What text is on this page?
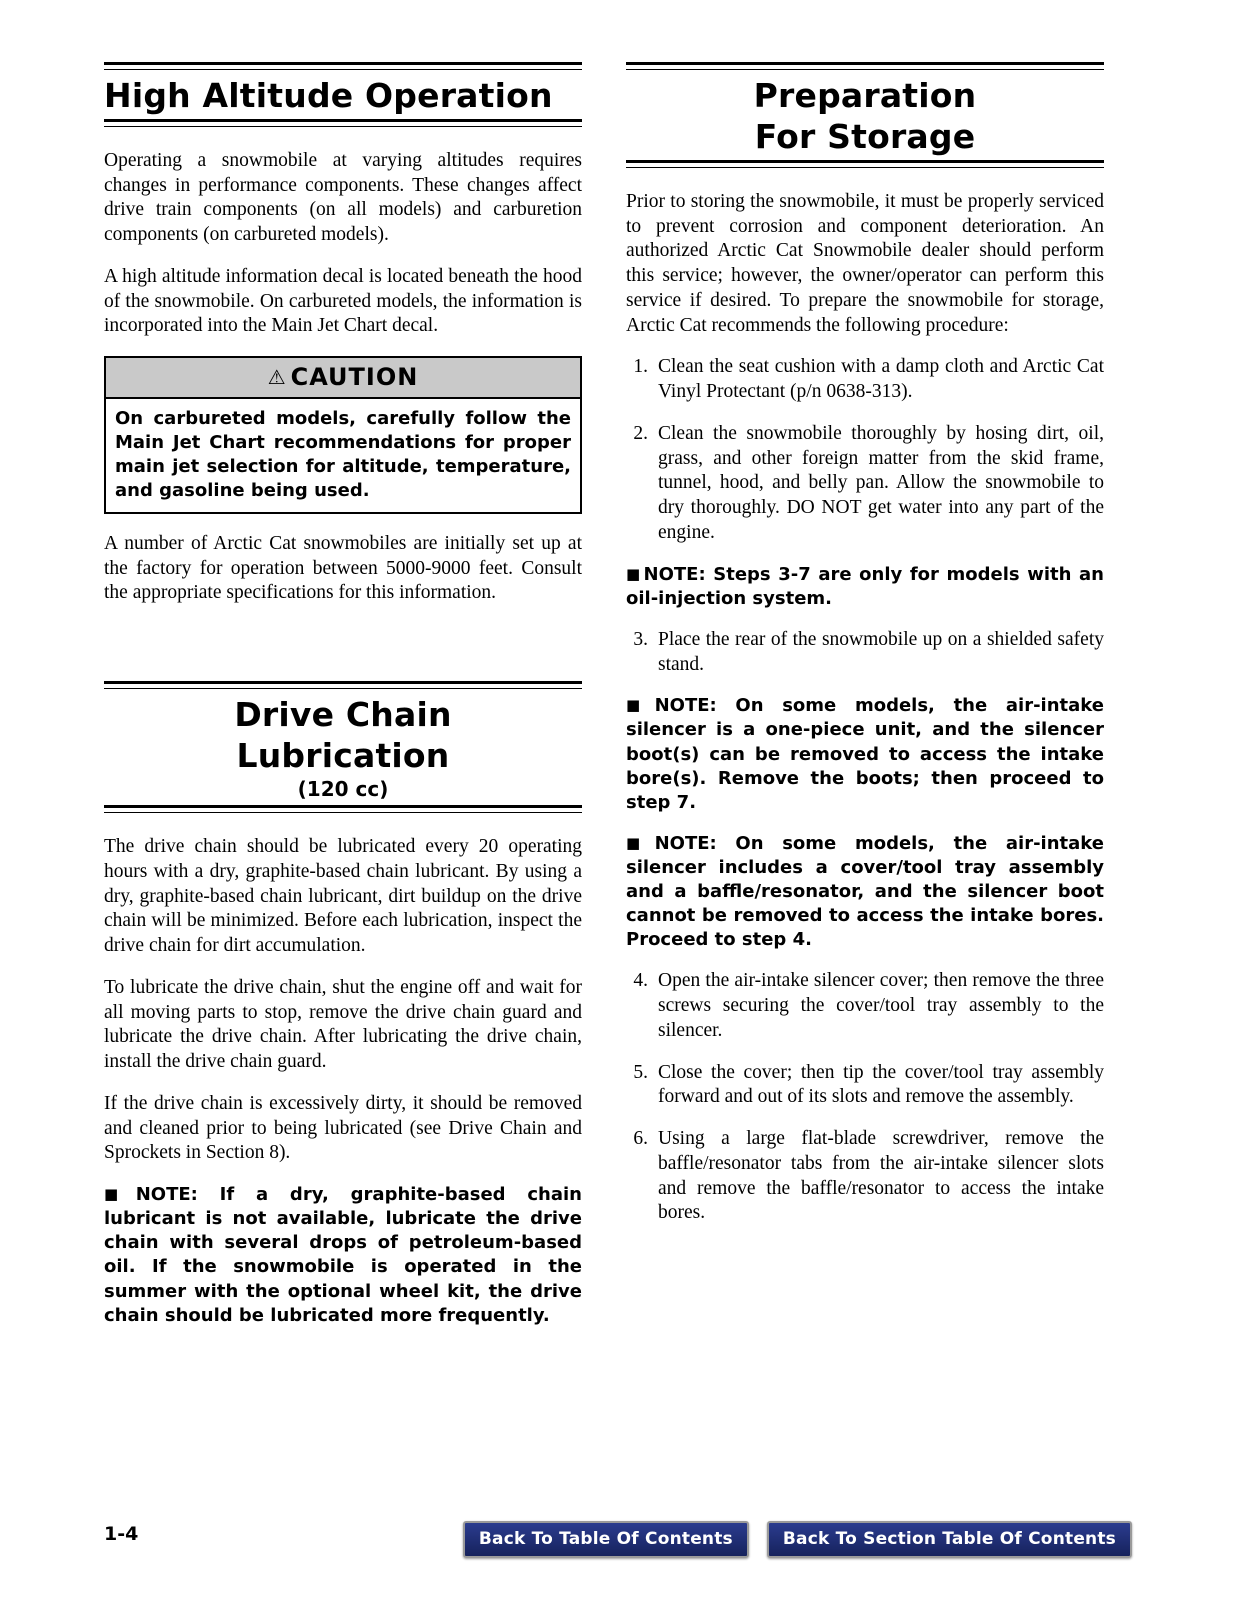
High Altitude Operation

Operating a snowmobile at varying altitudes requires changes in performance components. These changes affect drive train components (on all models) and carburetion components (on carbureted models).

A high altitude information decal is located beneath the hood of the snowmobile. On carbureted models, the information is incorporated into the Main Jet Chart decal.

⚠ CAUTION
On carbureted models, carefully follow the Main Jet Chart recommendations for proper main jet selection for altitude, temperature, and gasoline being used.

A number of Arctic Cat snowmobiles are initially set up at the factory for operation between 5000-9000 feet. Consult the appropriate specifications for this information.

Drive Chain
Lubrication
(120 cc)

The drive chain should be lubricated every 20 operating hours with a dry, graphite-based chain lubricant. By using a dry, graphite-based chain lubricant, dirt buildup on the drive chain will be minimized. Before each lubrication, inspect the drive chain for dirt accumulation.

To lubricate the drive chain, shut the engine off and wait for all moving parts to stop, remove the drive chain guard and lubricate the drive chain. After lubricating the drive chain, install the drive chain guard.

If the drive chain is excessively dirty, it should be removed and cleaned prior to being lubricated (see Drive Chain and Sprockets in Section 8).

■ NOTE: If a dry, graphite-based chain lubricant is not available, lubricate the drive chain with several drops of petroleum-based oil. If the snowmobile is operated in the summer with the optional wheel kit, the drive chain should be lubricated more frequently.

Preparation
For Storage

Prior to storing the snowmobile, it must be properly serviced to prevent corrosion and component deterioration. An authorized Arctic Cat Snowmobile dealer should perform this service; however, the owner/operator can perform this service if desired. To prepare the snowmobile for storage, Arctic Cat recommends the following procedure:

1. Clean the seat cushion with a damp cloth and Arctic Cat Vinyl Protectant (p/n 0638-313).
2. Clean the snowmobile thoroughly by hosing dirt, oil, grass, and other foreign matter from the skid frame, tunnel, hood, and belly pan. Allow the snowmobile to dry thoroughly. DO NOT get water into any part of the engine.

■ NOTE: Steps 3-7 are only for models with an oil-injection system.

3. Place the rear of the snowmobile up on a shielded safety stand.

■ NOTE: On some models, the air-intake silencer is a one-piece unit, and the silencer boot(s) can be removed to access the intake bore(s). Remove the boots; then proceed to step 7.

■ NOTE: On some models, the air-intake silencer includes a cover/tool tray assembly and a baffle/resonator, and the silencer boot cannot be removed to access the intake bores. Proceed to step 4.

4. Open the air-intake silencer cover; then remove the three screws securing the cover/tool tray assembly to the silencer.
5. Close the cover; then tip the cover/tool tray assembly forward and out of its slots and remove the assembly.
6. Using a large flat-blade screwdriver, remove the baffle/resonator tabs from the air-intake silencer slots and remove the baffle/resonator to access the intake bores.
1-4	Back To Table Of Contents	Back To Section Table Of Contents
